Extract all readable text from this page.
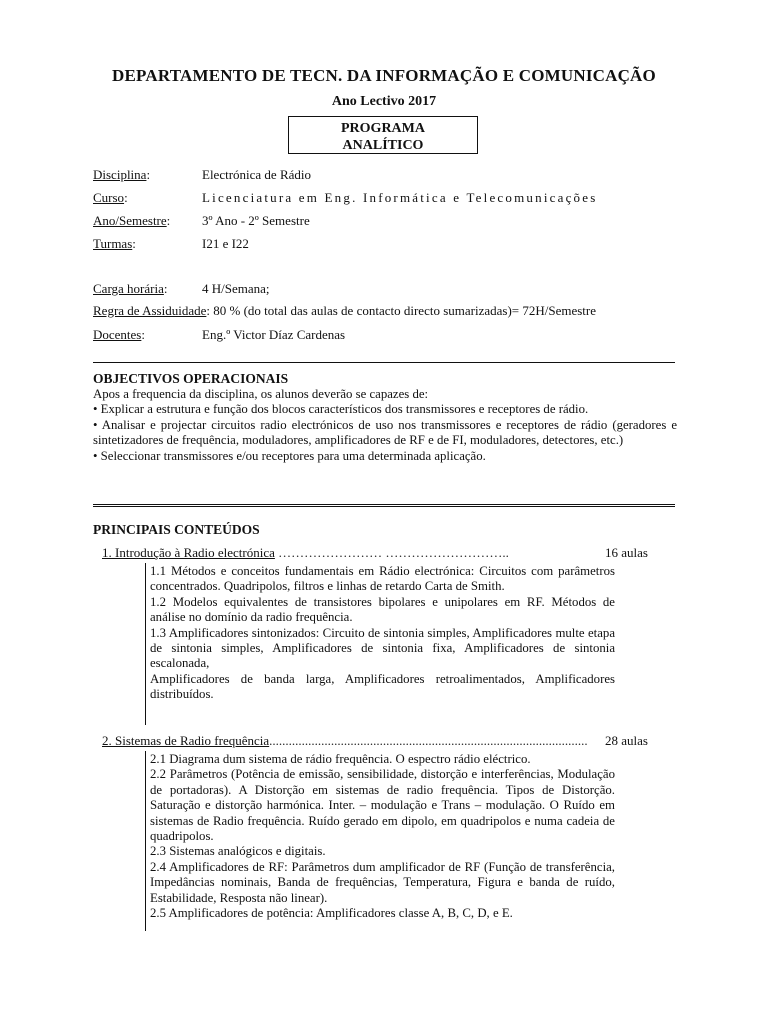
DEPARTAMENTO DE TECN. DA INFORMAÇÃO E COMUNICAÇÃO
Ano Lectivo 2017
PROGRAMA
ANALÍTICO
Disciplina:	Electrónica de Rádio
Curso:	Licenciatura em Eng. Informática e Telecomunicações
Ano/Semestre: 3º Ano - 2º Semestre
Turmas:	I21 e I22
Carga horária:	4 H/Semana;
Regra de Assiduidade: 80 % (do total das aulas de contacto directo sumarizadas)= 72H/Semestre
Docentes:	Eng.º Victor Díaz Cardenas
OBJECTIVOS OPERACIONAIS

Apos a frequencia da disciplina, os alunos deverão se capazes de:

• Explicar a estrutura e função dos blocos característicos dos transmissores e receptores de rádio.

• Analisar e projectar circuitos radio electrónicos de uso nos transmissores e receptores de rádio (geradores e sintetizadores de frequência, moduladores, amplificadores de RF e de FI, moduladores, detectores, etc.)

• Seleccionar transmissores e/ou receptores para uma determinada aplicação.

PRINCIPAIS CONTEÚDOS
1. Introdução à Radio electrónica …………………… ………………………..	16 aulas

1.1 Métodos e conceitos fundamentais em Rádio electrónica: Circuitos com parâmetros concentrados. Quadripolos, filtros e linhas de retardo Carta de Smith.

1.2 Modelos equivalentes de transistores bipolares e unipolares em RF. Métodos de análise no domínio da radio frequência.

1.3 Amplificadores sintonizados: Circuito de sintonia simples, Amplificadores multe etapa de sintonia simples, Amplificadores de sintonia fixa, Amplificadores de sintonia escalonada,

Amplificadores de banda larga, Amplificadores retroalimentados, Amplificadores distribuídos.

2. Sistemas de Radio frequência.................................................................................................. 28 aulas

2.1 Diagrama dum sistema de rádio frequência. O espectro rádio eléctrico.

2.2 Parâmetros (Potência de emissão, sensibilidade, distorção e interferências, Modulação de portadoras). A Distorção em sistemas de radio frequência. Tipos de Distorção. Saturação e distorção harmónica. Inter. – modulação e Trans – modulação. O Ruído em sistemas de Radio frequência. Ruído gerado em dipolo, em quadripolos e numa cadeia de quadripolos.

2.3 Sistemas analógicos e digitais.

2.4 Amplificadores de RF: Parâmetros dum amplificador de RF (Função de transferência, Impedâncias nominais, Banda de frequências, Temperatura, Figura e banda de ruído, Estabilidade, Resposta não linear).

2.5 Amplificadores de potência: Amplificadores classe A, B, C, D, e E.
